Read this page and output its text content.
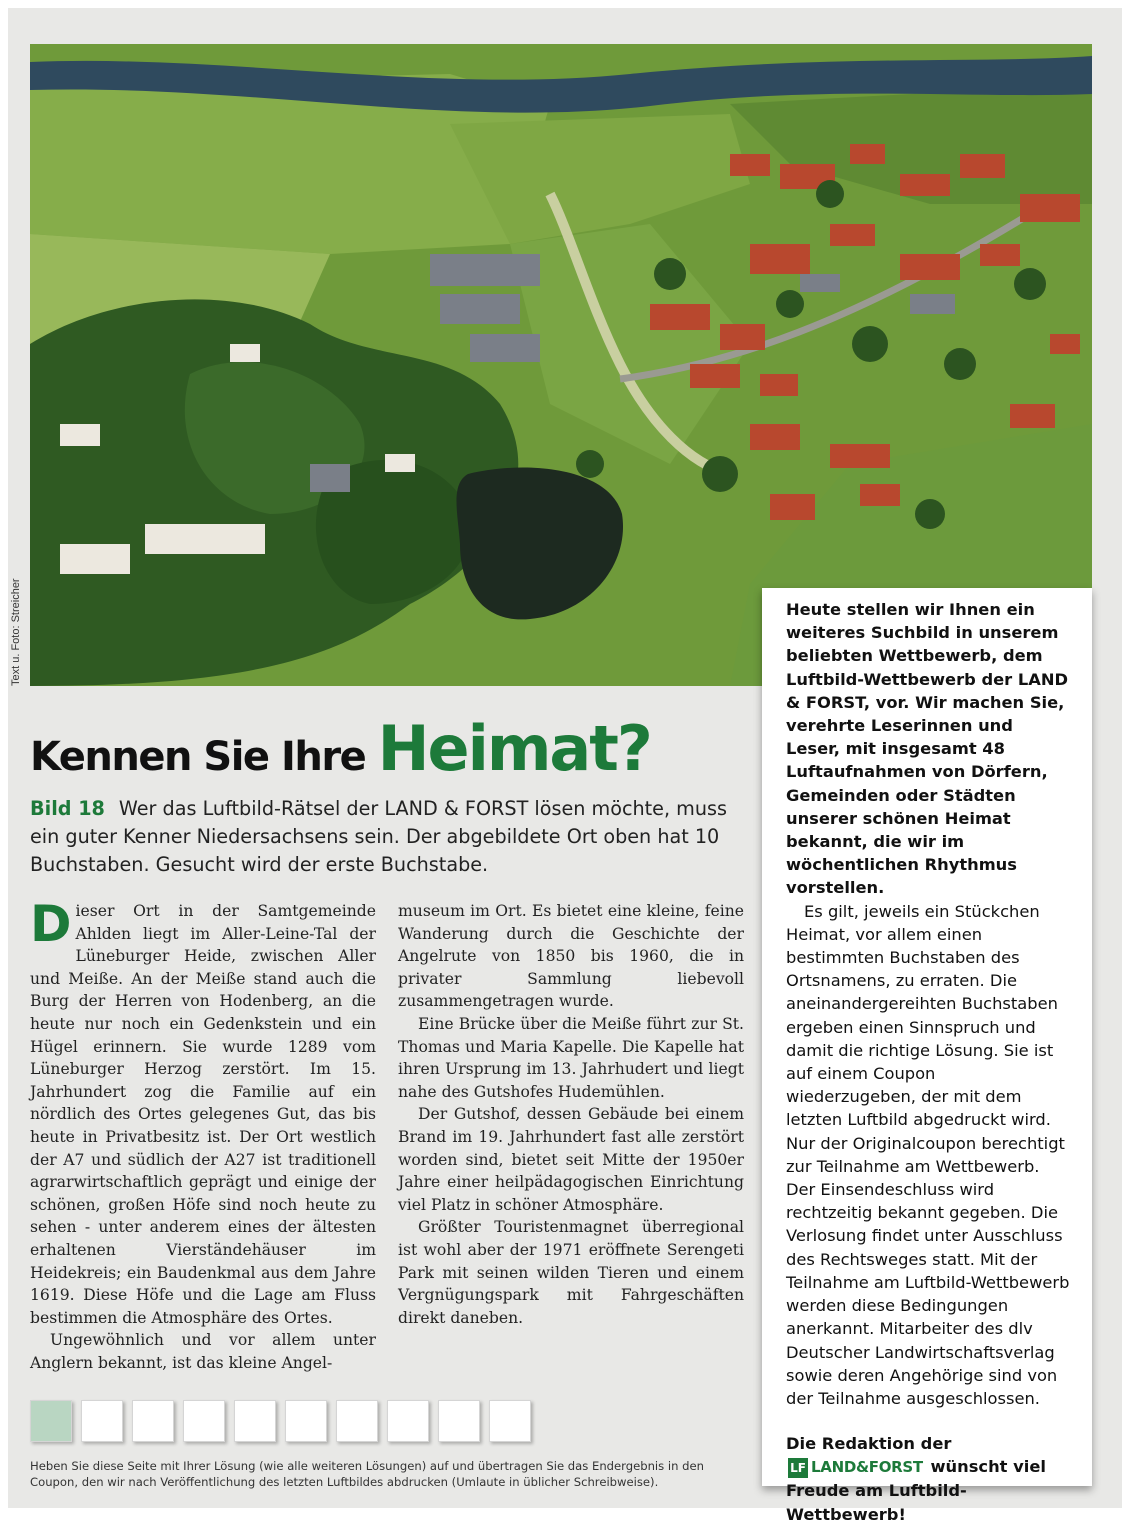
Text u. Foto: Streicher	Heute stellen wir Ihnen ein weiteres Suchbild in unserem beliebten Wettbewerb, dem Luftbild-Wettbewerb der LAND & FORST, vor. Wir machen Sie, verehrte Leserinnen und Leser, mit insgesamt 48 Luftaufnahmen von Dörfern, Gemeinden oder Städten unserer schönen Heimat bekannt, die wir im wöchentlichen Rhythmus vorstellen.

Es gilt, jeweils ein Stückchen Heimat, vor allem einen bestimmten Buchstaben des Ortsnamens, zu erraten. Die aneinandergereihten Buchstaben ergeben einen Sinnspruch und damit die richtige Lösung. Sie ist auf einem Coupon wiederzugeben, der mit dem letzten Luftbild abgedruckt wird. Nur der Originalcoupon berechtigt zur Teilnahme am Wettbewerb. Der Einsendeschluss wird rechtzeitig bekannt gegeben. Die Verlosung findet unter Ausschluss des Rechtsweges statt. Mit der Teilnahme am Luftbild-Wettbewerb werden diese Bedingungen anerkannt. Mitarbeiter des dlv Deutscher Landwirtschaftsverlag sowie deren Angehörige sind von der Teilnahme ausgeschlossen.

Die Redaktion der
LF LAND&FORST wünscht viel Freude am Luftbild-Wettbewerb!
Kennen Sie Ihre Heimat?
Bild 18 Wer das Luftbild-Rätsel der LAND & FORST lösen möchte, muss ein guter Kenner Niedersachsens sein. Der abgebildete Ort oben hat 10 Buchstaben. Gesucht wird der erste Buchstabe.

Dieser Ort in der Samtgemeinde Ahlden liegt im Aller-Leine-Tal der Lüneburger Heide, zwischen Aller und Meiße. An der Meiße stand auch die Burg der Herren von Hodenberg, an die heute nur noch ein Gedenkstein und ein Hügel erinnern. Sie wurde 1289 vom Lüneburger Herzog zerstört. Im 15. Jahrhundert zog die Familie auf ein nördlich des Ortes gelegenes Gut, das bis heute in Privatbesitz ist. Der Ort westlich der A7 und südlich der A27 ist traditionell agrarwirtschaftlich geprägt und einige der schönen, großen Höfe sind noch heute zu sehen - unter anderem eines der ältesten erhaltenen Vierständehäuser im Heidekreis; ein Baudenkmal aus dem Jahre 1619. Diese Höfe und die Lage am Fluss bestimmen die Atmosphäre des Ortes.

Ungewöhnlich und vor allem unter Anglern bekannt, ist das kleine Angel-

museum im Ort. Es bietet eine kleine, feine Wanderung durch die Geschichte der Angelrute von 1850 bis 1960, die in privater Sammlung liebevoll zusammengetragen wurde.

Eine Brücke über die Meiße führt zur St. Thomas und Maria Kapelle. Die Kapelle hat ihren Ursprung im 13. Jahrhudert und liegt nahe des Gutshofes Hudemühlen.

Der Gutshof, dessen Gebäude bei einem Brand im 19. Jahrhundert fast alle zerstört worden sind, bietet seit Mitte der 1950er Jahre einer heilpädagogischen Einrichtung viel Platz in schöner Atmosphäre.

Größter Touristenmagnet überregional ist wohl aber der 1971 eröffnete Serengeti Park mit seinen wilden Tieren und einem Vergnügungspark mit Fahrgeschäften direkt daneben.

Heben Sie diese Seite mit Ihrer Lösung (wie alle weiteren Lösungen) auf und übertragen Sie das Endergebnis in den Coupon, den wir nach Veröffentlichung des letzten Luftbildes abdrucken (Umlaute in üblicher Schreibweise).
